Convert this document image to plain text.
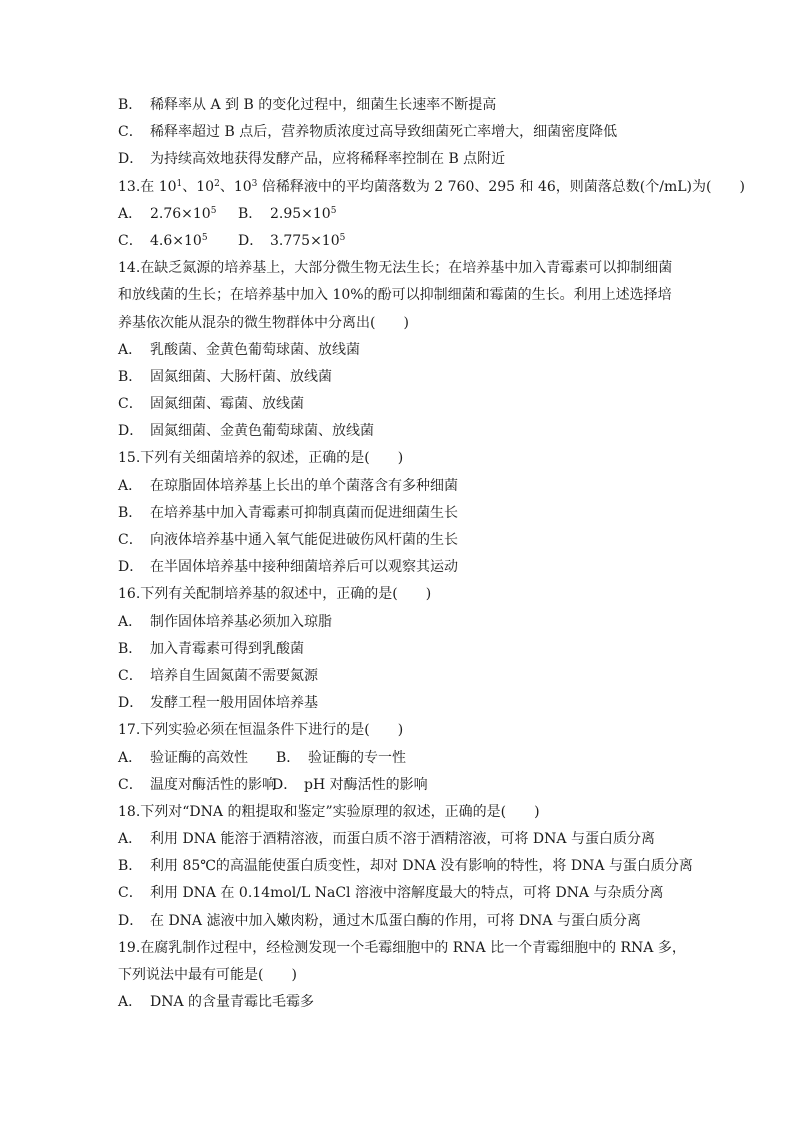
B． 稀释率从 A 到 B 的变化过程中，细菌生长速率不断提高
C． 稀释率超过 B 点后，营养物质浓度过高导致细菌死亡率增大，细菌密度降低
D． 为持续高效地获得发酵产品，应将稀释率控制在 B 点附近
13.在 $10^1$、$10^2$、$10^3$ 倍稀释液中的平均菌落数为 2 760、295 和 46，则菌落总数(个/mL)为(　　)
A． $2.76\times 10^5$ B． $2.95\times 10^5$
C． $4.6\times 10^5$ D． $3.775\times 10^5$
14.在缺乏氮源的培养基上，大部分微生物无法生长；在培养基中加入青霉素可以抑制细菌
和放线菌的生长；在培养基中加入 10%的酚可以抑制细菌和霉菌的生长。利用上述选择培
养基依次能从混杂的微生物群体中分离出(　　)
A． 乳酸菌、金黄色葡萄球菌、放线菌
B． 固氮细菌、大肠杆菌、放线菌
C． 固氮细菌、霉菌、放线菌
D． 固氮细菌、金黄色葡萄球菌、放线菌
15.下列有关细菌培养的叙述，正确的是(　　)
A． 在琼脂固体培养基上长出的单个菌落含有多种细菌
B． 在培养基中加入青霉素可抑制真菌而促进细菌生长
C． 向液体培养基中通入氧气能促进破伤风杆菌的生长
D． 在半固体培养基中接种细菌培养后可以观察其运动
16.下列有关配制培养基的叙述中，正确的是(　　)
A． 制作固体培养基必须加入琼脂
B． 加入青霉素可得到乳酸菌
C． 培养自生固氮菌不需要氮源
D． 发酵工程一般用固体培养基
17.下列实验必须在恒温条件下进行的是(　　)
A． 验证酶的高效性 B． 验证酶的专一性
C． 温度对酶活性的影响D． pH 对酶活性的影响
18.下列对“DNA 的粗提取和鉴定”实验原理的叙述，正确的是(　　)
A． 利用 DNA 能溶于酒精溶液，而蛋白质不溶于酒精溶液，可将 DNA 与蛋白质分离
B． 利用 85℃的高温能使蛋白质变性，却对 DNA 没有影响的特性，将 DNA 与蛋白质分离
C． 利用 DNA 在 0.14mol/L NaCl 溶液中溶解度最大的特点，可将 DNA 与杂质分离
D． 在 DNA 滤液中加入嫩肉粉，通过木瓜蛋白酶的作用，可将 DNA 与蛋白质分离
19.在腐乳制作过程中，经检测发现一个毛霉细胞中的 RNA 比一个青霉细胞中的 RNA 多，
下列说法中最有可能是(　　)
A． DNA 的含量青霉比毛霉多
